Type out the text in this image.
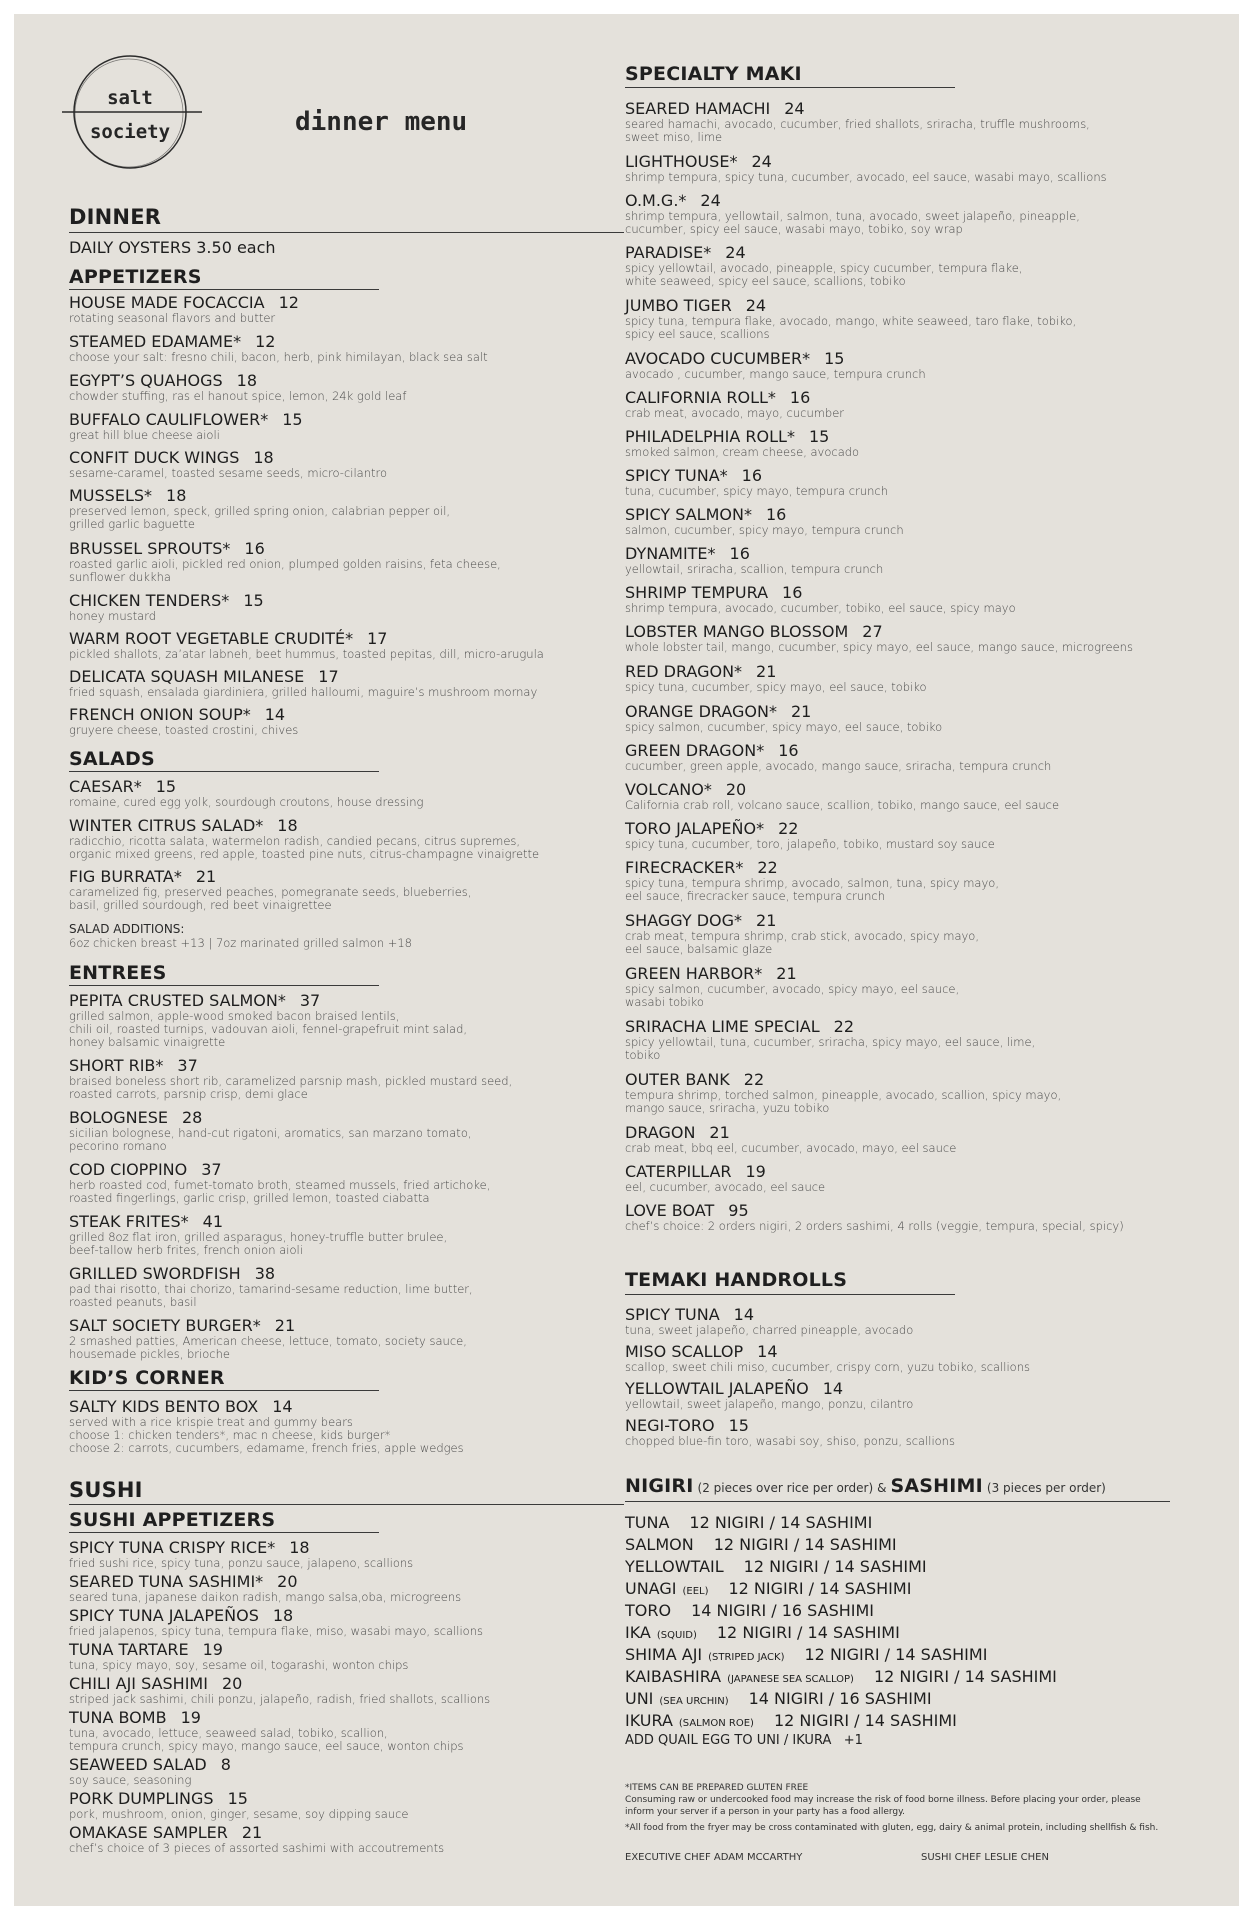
salt
society	dinner menu
DINNER
DAILY OYSTERS 3.50 each
APPETIZERS
HOUSE MADE FOCACCIA 12
rotating seasonal flavors and butter
STEAMED EDAMAME* 12
choose your salt: fresno chili, bacon, herb, pink himilayan, black sea salt
EGYPT’S QUAHOGS 18
chowder stuffing, ras el hanout spice, lemon, 24k gold leaf
BUFFALO CAULIFLOWER* 15
great hill blue cheese aioli
CONFIT DUCK WINGS 18
sesame-caramel, toasted sesame seeds, micro-cilantro
MUSSELS* 18
preserved lemon, speck, grilled spring onion, calabrian pepper oil,
grilled garlic baguette
BRUSSEL SPROUTS* 16
roasted garlic aioli, pickled red onion, plumped golden raisins, feta cheese,
sunflower dukkha
CHICKEN TENDERS* 15
honey mustard
WARM ROOT VEGETABLE CRUDITÉ* 17
pickled shallots, za’atar labneh, beet hummus, toasted pepitas, dill, micro-arugula
DELICATA SQUASH MILANESE 17
fried squash, ensalada giardiniera, grilled halloumi, maguire’s mushroom mornay
FRENCH ONION SOUP* 14
gruyere cheese, toasted crostini, chives
SALADS
CAESAR* 15
romaine, cured egg yolk, sourdough croutons, house dressing
WINTER CITRUS SALAD* 18
radicchio, ricotta salata, watermelon radish, candied pecans, citrus supremes,
organic mixed greens, red apple, toasted pine nuts, citrus-champagne vinaigrette
FIG BURRATA* 21
caramelized fig, preserved peaches, pomegranate seeds, blueberries,
basil, grilled sourdough, red beet vinaigrettee
SALAD ADDITIONS:
6oz chicken breast +13 | 7oz marinated grilled salmon +18
ENTREES
PEPITA CRUSTED SALMON* 37
grilled salmon, apple-wood smoked bacon braised lentils,
chili oil, roasted turnips, vadouvan aioli, fennel-grapefruit mint salad,
honey balsamic vinaigrette
SHORT RIB* 37
braised boneless short rib, caramelized parsnip mash, pickled mustard seed,
roasted carrots, parsnip crisp, demi glace
BOLOGNESE 28
sicilian bolognese, hand-cut rigatoni, aromatics, san marzano tomato,
pecorino romano
COD CIOPPINO 37
herb roasted cod, fumet-tomato broth, steamed mussels, fried artichoke,
roasted fingerlings, garlic crisp, grilled lemon, toasted ciabatta
STEAK FRITES* 41
grilled 8oz flat iron, grilled asparagus, honey-truffle butter brulee,
beef-tallow herb frites, french onion aioli
GRILLED SWORDFISH 38
pad thai risotto, thai chorizo, tamarind-sesame reduction, lime butter,
roasted peanuts, basil
SALT SOCIETY BURGER* 21
2 smashed patties, American cheese, lettuce, tomato, society sauce,
housemade pickles, brioche
KID’S CORNER
SALTY KIDS BENTO BOX 14
served with a rice krispie treat and gummy bears
choose 1: chicken tenders*, mac n cheese, kids burger*
choose 2: carrots, cucumbers, edamame, french fries, apple wedges
SUSHI
SUSHI APPETIZERS
SPICY TUNA CRISPY RICE* 18
fried sushi rice, spicy tuna, ponzu sauce, jalapeno, scallions
SEARED TUNA SASHIMI* 20
seared tuna, japanese daikon radish, mango salsa,oba, microgreens
SPICY TUNA JALAPEÑOS 18
fried jalapenos, spicy tuna, tempura flake, miso, wasabi mayo, scallions
TUNA TARTARE 19
tuna, spicy mayo, soy, sesame oil, togarashi, wonton chips
CHILI AJI SASHIMI 20
striped jack sashimi, chili ponzu, jalapeño, radish, fried shallots, scallions
TUNA BOMB 19
tuna, avocado, lettuce, seaweed salad, tobiko, scallion,
tempura crunch, spicy mayo, mango sauce, eel sauce, wonton chips
SEAWEED SALAD 8
soy sauce, seasoning
PORK DUMPLINGS 15
pork, mushroom, onion, ginger, sesame, soy dipping sauce
OMAKASE SAMPLER 21
chef’s choice of 3 pieces of assorted sashimi with accoutrements
SPECIALTY MAKI
SEARED HAMACHI 24
seared hamachi, avocado, cucumber, fried shallots, sriracha, truffle mushrooms,
sweet miso, lime
LIGHTHOUSE* 24
shrimp tempura, spicy tuna, cucumber, avocado, eel sauce, wasabi mayo, scallions
O.M.G.* 24
shrimp tempura, yellowtail, salmon, tuna, avocado, sweet jalapeño, pineapple,
cucumber, spicy eel sauce, wasabi mayo, tobiko, soy wrap
PARADISE* 24
spicy yellowtail, avocado, pineapple, spicy cucumber, tempura flake,
white seaweed, spicy eel sauce, scallions, tobiko
JUMBO TIGER 24
spicy tuna, tempura flake, avocado, mango, white seaweed, taro flake, tobiko,
spicy eel sauce, scallions
AVOCADO CUCUMBER* 15
avocado , cucumber, mango sauce, tempura crunch
CALIFORNIA ROLL* 16
crab meat, avocado, mayo, cucumber
PHILADELPHIA ROLL* 15
smoked salmon, cream cheese, avocado
SPICY TUNA* 16
tuna, cucumber, spicy mayo, tempura crunch
SPICY SALMON* 16
salmon, cucumber, spicy mayo, tempura crunch
DYNAMITE* 16
yellowtail, sriracha, scallion, tempura crunch
SHRIMP TEMPURA 16
shrimp tempura, avocado, cucumber, tobiko, eel sauce, spicy mayo
LOBSTER MANGO BLOSSOM 27
whole lobster tail, mango, cucumber, spicy mayo, eel sauce, mango sauce, microgreens
RED DRAGON* 21
spicy tuna, cucumber, spicy mayo, eel sauce, tobiko
ORANGE DRAGON* 21
spicy salmon, cucumber, spicy mayo, eel sauce, tobiko
GREEN DRAGON* 16
cucumber, green apple, avocado, mango sauce, sriracha, tempura crunch
VOLCANO* 20
California crab roll, volcano sauce, scallion, tobiko, mango sauce, eel sauce
TORO JALAPEÑO* 22
spicy tuna, cucumber, toro, jalapeño, tobiko, mustard soy sauce
FIRECRACKER* 22
spicy tuna, tempura shrimp, avocado, salmon, tuna, spicy mayo,
eel sauce, firecracker sauce, tempura crunch
SHAGGY DOG* 21
crab meat, tempura shrimp, crab stick, avocado, spicy mayo,
eel sauce, balsamic glaze
GREEN HARBOR* 21
spicy salmon, cucumber, avocado, spicy mayo, eel sauce,
wasabi tobiko
SRIRACHA LIME SPECIAL 22
spicy yellowtail, tuna, cucumber, sriracha, spicy mayo, eel sauce, lime,
tobiko
OUTER BANK 22
tempura shrimp, torched salmon, pineapple, avocado, scallion, spicy mayo,
mango sauce, sriracha, yuzu tobiko
DRAGON 21
crab meat, bbq eel, cucumber, avocado, mayo, eel sauce
CATERPILLAR 19
eel, cucumber, avocado, eel sauce
LOVE BOAT 95
chef’s choice: 2 orders nigiri, 2 orders sashimi, 4 rolls (veggie, tempura, special, spicy)
TEMAKI HANDROLLS
SPICY TUNA 14
tuna, sweet jalapeño, charred pineapple, avocado
MISO SCALLOP 14
scallop, sweet chili miso, cucumber, crispy corn, yuzu tobiko, scallions
YELLOWTAIL JALAPEÑO 14
yellowtail, sweet jalapeño, mango, ponzu, cilantro
NEGI-TORO 15
chopped blue-fin toro, wasabi soy, shiso, ponzu, scallions
NIGIRI (2 pieces over rice per order) & SASHIMI (3 pieces per order)
TUNA 12 NIGIRI / 14 SASHIMI
SALMON 12 NIGIRI / 14 SASHIMI
YELLOWTAIL 12 NIGIRI / 14 SASHIMI
UNAGI (EEL) 12 NIGIRI / 14 SASHIMI
TORO 14 NIGIRI / 16 SASHIMI
IKA (SQUID) 12 NIGIRI / 14 SASHIMI
SHIMA AJI (STRIPED JACK) 12 NIGIRI / 14 SASHIMI
KAIBASHIRA (JAPANESE SEA SCALLOP) 12 NIGIRI / 14 SASHIMI
UNI (SEA URCHIN) 14 NIGIRI / 16 SASHIMI
IKURA (SALMON ROE) 12 NIGIRI / 14 SASHIMI
ADD QUAIL EGG TO UNI / IKURA   +1
*ITEMS CAN BE PREPARED GLUTEN FREE
Consuming raw or undercooked food may increase the risk of food borne illness. Before placing your order, please
inform your server if a person in your party has a food allergy.
*All food from the fryer may be cross contaminated with gluten, egg, dairy & animal protein, including shellfish & fish.
EXECUTIVE CHEF ADAM MCCARTHY	SUSHI CHEF LESLIE CHEN
